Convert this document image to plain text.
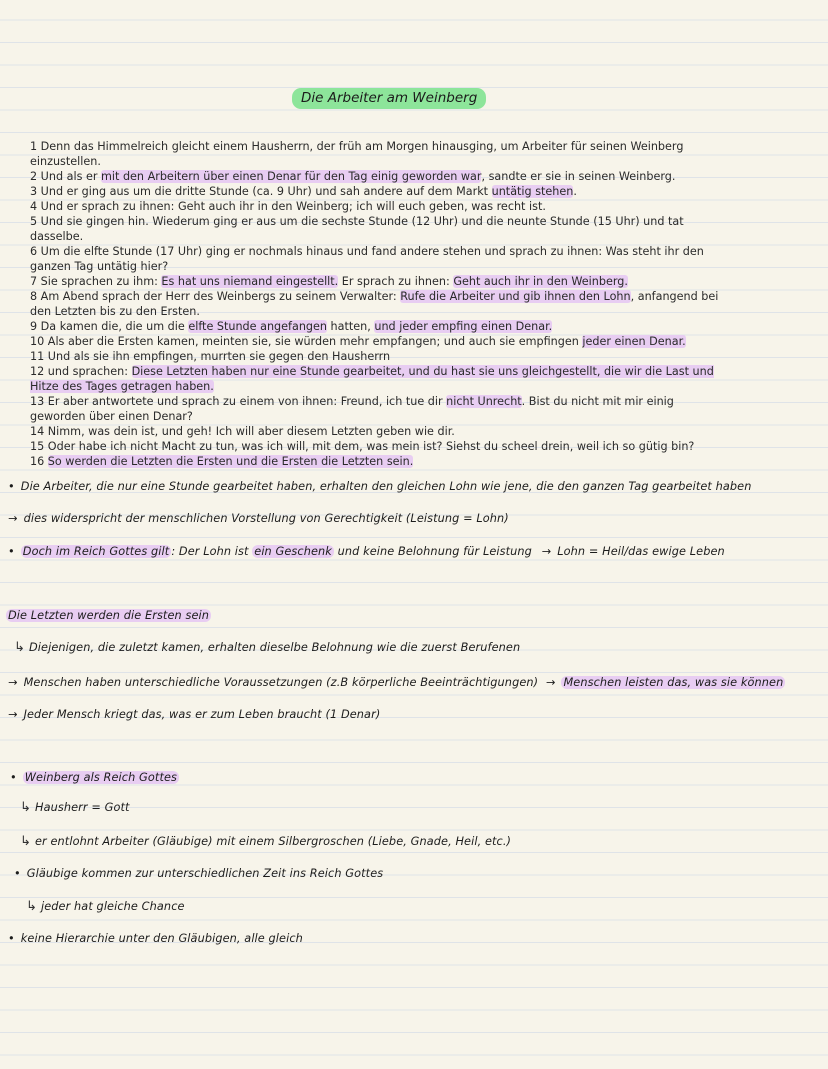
Die Arbeiter am Weinberg
1 Denn das Himmelreich gleicht einem Hausherrn, der früh am Morgen hinausging, um Arbeiter für seinen Weinberg einzustellen.
2 Und als er mit den Arbeitern über einen Denar für den Tag einig geworden war, sandte er sie in seinen Weinberg.
3 Und er ging aus um die dritte Stunde (ca. 9 Uhr) und sah andere auf dem Markt untätig stehen.
4 Und er sprach zu ihnen: Geht auch ihr in den Weinberg; ich will euch geben, was recht ist.
5 Und sie gingen hin. Wiederum ging er aus um die sechste Stunde (12 Uhr) und die neunte Stunde (15 Uhr) und tat dasselbe.
6 Um die elfte Stunde (17 Uhr) ging er nochmals hinaus und fand andere stehen und sprach zu ihnen: Was steht ihr den ganzen Tag untätig hier?
7 Sie sprachen zu ihm: Es hat uns niemand eingestellt. Er sprach zu ihnen: Geht auch ihr in den Weinberg.
8 Am Abend sprach der Herr des Weinbergs zu seinem Verwalter: Rufe die Arbeiter und gib ihnen den Lohn, anfangend bei den Letzten bis zu den Ersten.
9 Da kamen die, die um die elfte Stunde angefangen hatten, und jeder empfing einen Denar.
10 Als aber die Ersten kamen, meinten sie, sie würden mehr empfangen; und auch sie empfingen jeder einen Denar.
11 Und als sie ihn empfingen, murrten sie gegen den Hausherrn
12 und sprachen: Diese Letzten haben nur eine Stunde gearbeitet, und du hast sie uns gleichgestellt, die wir die Last und Hitze des Tages getragen haben.
13 Er aber antwortete und sprach zu einem von ihnen: Freund, ich tue dir nicht Unrecht. Bist du nicht mit mir einig geworden über einen Denar?
14 Nimm, was dein ist, und geh! Ich will aber diesem Letzten geben wie dir.
15 Oder habe ich nicht Macht zu tun, was ich will, mit dem, was mein ist? Siehst du scheel drein, weil ich so gütig bin?
16 So werden die Letzten die Ersten und die Ersten die Letzten sein.
• Die Arbeiter, die nur eine Stunde gearbeitet haben, erhalten den gleichen Lohn wie jene, die den ganzen Tag gearbeitet haben
→ dies widerspricht der menschlichen Vorstellung von Gerechtigkeit (Leistung = Lohn)
• Doch im Reich Gottes gilt : Der Lohn ist ein Geschenk und keine Belohnung für Leistung → Lohn = Heil/das ewige Leben
Die Letzten werden die Ersten sein
↳ Diejenigen, die zuletzt kamen, erhalten dieselbe Belohnung wie die zuerst Berufenen
→ Menschen haben unterschiedliche Voraussetzungen (z.B körperliche Beeinträchtigungen) → Menschen leisten das, was sie können
→ Jeder Mensch kriegt das, was er zum Leben braucht (1 Denar)
• Weinberg als Reich Gottes
↳ Hausherr = Gott
↳ er entlohnt Arbeiter (Gläubige) mit einem Silbergroschen (Liebe, Gnade, Heil, etc.)
• Gläubige kommen zur unterschiedlichen Zeit ins Reich Gottes
↳ jeder hat gleiche Chance
• keine Hierarchie unter den Gläubigen, alle gleich
